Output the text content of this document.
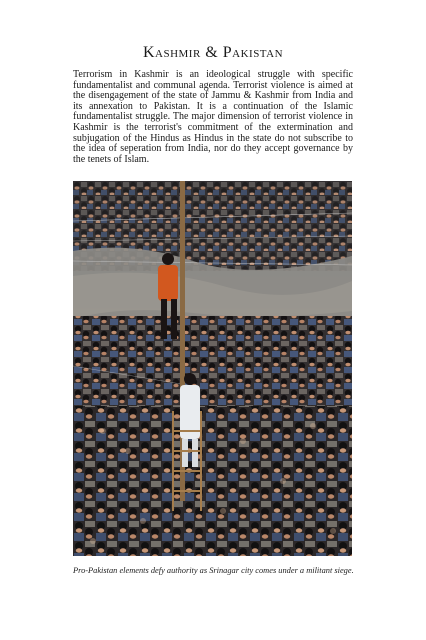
Kashmir & Pakistan

Terrorism in Kashmir is an ideological struggle with specific fundamentalist and communal agenda. Terrorist violence is aimed at the disengagement of the state of Jammu & Kashmir from India and its annexation to Pakistan. It is a continuation of the Islamic fundamentalist struggle. The major dimension of terrorist violence in Kashmir is the terrorist's commitment of the extermination and subjugation of the Hindus as Hindus in the state do not subscribe to the idea of seperation from India, nor do they accept governance by the tenets of Islam.

Pro-Pakistan elements defy authority as Srinagar city comes under a militant siege.
